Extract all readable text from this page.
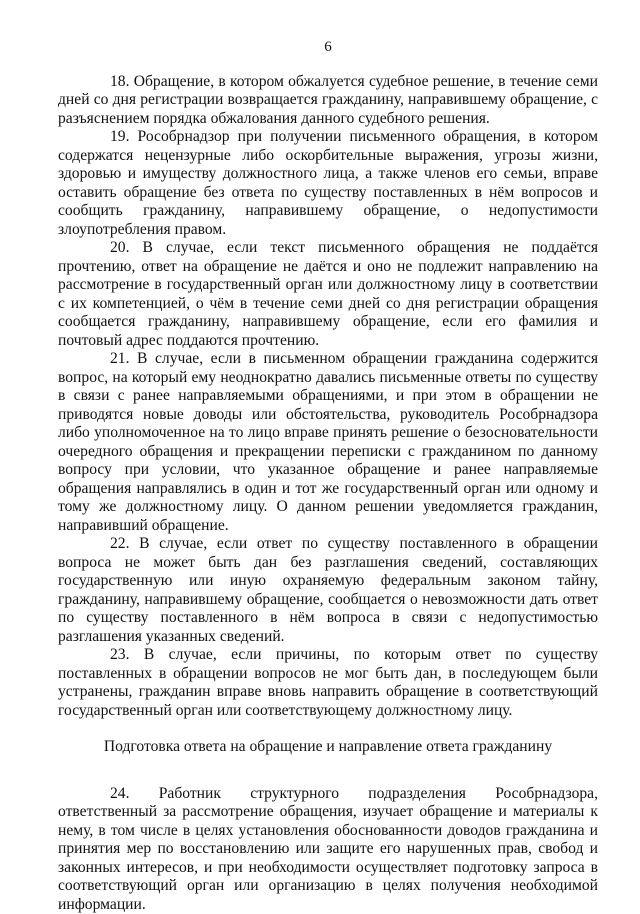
6

18. Обращение, в котором обжалуется судебное решение, в течение семи дней со дня регистрации возвращается гражданину, направившему обращение, с разъяснением порядка обжалования данного судебного решения.

19. Рособрнадзор при получении письменного обращения, в котором содержатся нецензурные либо оскорбительные выражения, угрозы жизни, здоровью и имуществу должностного лица, а также членов его семьи, вправе оставить обращение без ответа по существу поставленных в нём вопросов и сообщить гражданину, направившему обращение, о недопустимости злоупотребления правом.

20. В случае, если текст письменного обращения не поддаётся прочтению, ответ на обращение не даётся и оно не подлежит направлению на рассмотрение в государственный орган или должностному лицу в соответствии с их компетенцией, о чём в течение семи дней со дня регистрации обращения сообщается гражданину, направившему обращение, если его фамилия и почтовый адрес поддаются прочтению.

21. В случае, если в письменном обращении гражданина содержится вопрос, на который ему неоднократно давались письменные ответы по существу в связи с ранее направляемыми обращениями, и при этом в обращении не приводятся новые доводы или обстоятельства, руководитель Рособрнадзора либо уполномоченное на то лицо вправе принять решение о безосновательности очередного обращения и прекращении переписки с гражданином по данному вопросу при условии, что указанное обращение и ранее направляемые обращения направлялись в один и тот же государственный орган или одному и тому же должностному лицу. О данном решении уведомляется гражданин, направивший обращение.

22. В случае, если ответ по существу поставленного в обращении вопроса не может быть дан без разглашения сведений, составляющих государственную или иную охраняемую федеральным законом тайну, гражданину, направившему обращение, сообщается о невозможности дать ответ по существу поставленного в нём вопроса в связи с недопустимостью разглашения указанных сведений.

23. В случае, если причины, по которым ответ по существу поставленных в обращении вопросов не мог быть дан, в последующем были устранены, гражданин вправе вновь направить обращение в соответствующий государственный орган или соответствующему должностному лицу.

Подготовка ответа на обращение и направление ответа гражданину

24. Работник структурного подразделения Рособрнадзора, ответственный за рассмотрение обращения, изучает обращение и материалы к нему, в том числе в целях установления обоснованности доводов гражданина и принятия мер по восстановлению или защите его нарушенных прав, свобод и законных интересов, и при необходимости осуществляет подготовку запроса в соответствующий орган или организацию в целях получения необходимой информации.
